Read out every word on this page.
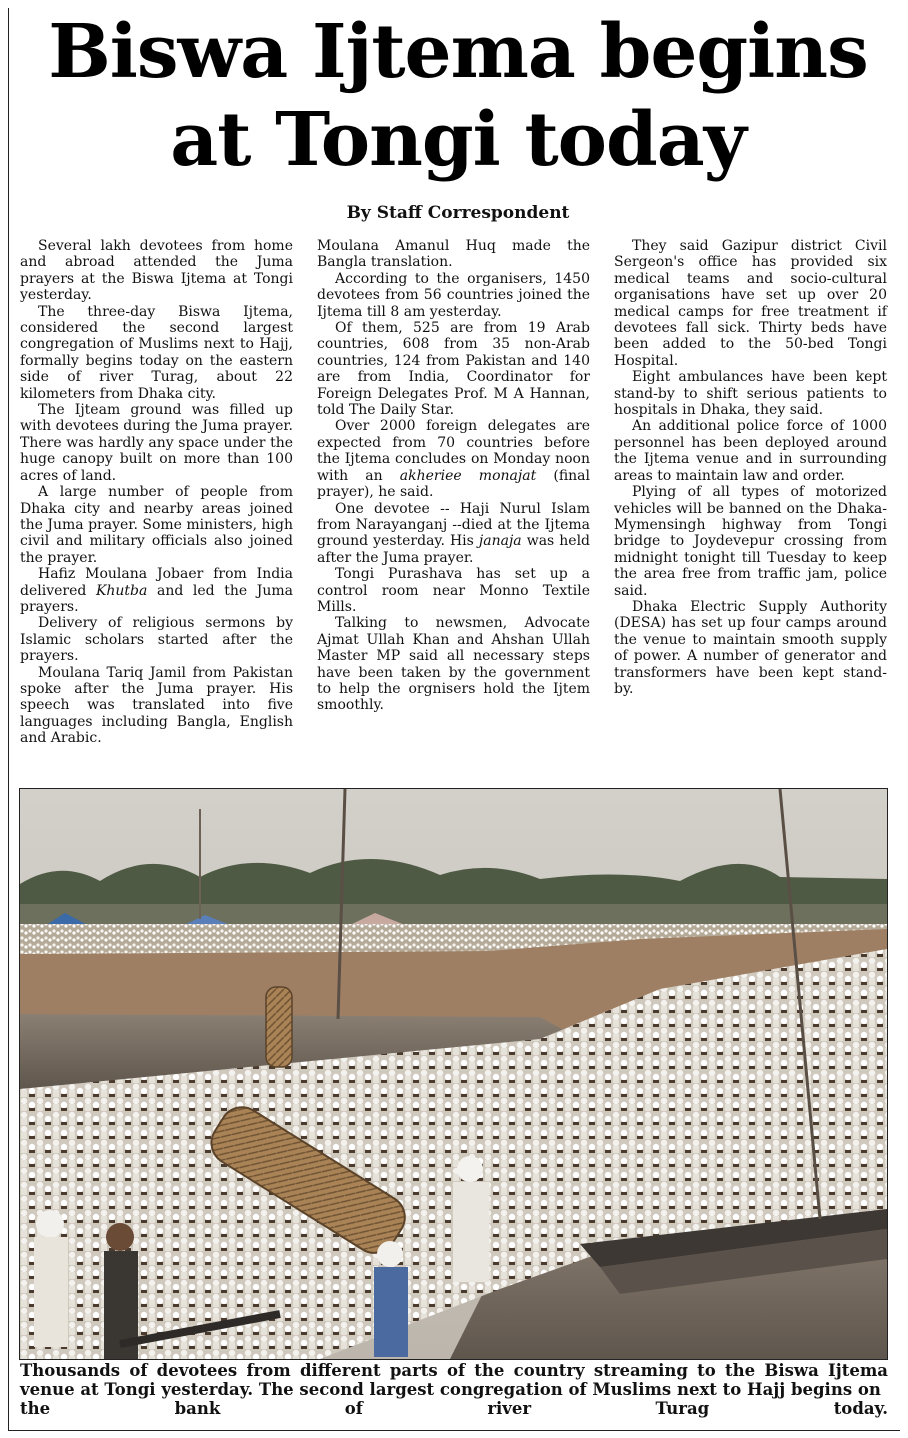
Biswa Ijtema begins
at Tongi today
By Staff Correspondent

Several lakh devotees from home and abroad attended the Juma prayers at the Biswa Ijtema at Tongi yesterday.

The three-day Biswa Ijtema, considered the second largest congregation of Muslims next to Hajj, formally begins today on the eastern side of river Turag, about 22 kilometers from Dhaka city.

The Ijteam ground was filled up with devotees during the Juma prayer. There was hardly any space under the huge canopy built on more than 100 acres of land.

A large number of people from Dhaka city and nearby areas joined the Juma prayer. Some ministers, high civil and military officials also joined the prayer.

Hafiz Moulana Jobaer from India delivered Khutba and led the Juma prayers.

Delivery of religious sermons by Islamic scholars started after the prayers.

Moulana Tariq Jamil from Pakistan spoke after the Juma prayer. His speech was translated into five languages including Bangla, English and Arabic.

Moulana Amanul Huq made the Bangla translation.

According to the organisers, 1450 devotees from 56 countries joined the Ijtema till 8 am yesterday.

Of them, 525 are from 19 Arab countries, 608 from 35 non-Arab countries, 124 from Pakistan and 140 are from India, Coordinator for Foreign Delegates Prof. M A Hannan, told The Daily Star.

Over 2000 foreign delegates are expected from 70 countries before the Ijtema concludes on Monday noon with an akheriee monajat (final prayer), he said.

One devotee -- Haji Nurul Islam from Narayanganj --died at the Ijtema ground yesterday. His janaja was held after the Juma prayer.

Tongi Purashava has set up a control room near Monno Textile Mills.

Talking to newsmen, Advocate Ajmat Ullah Khan and Ahshan Ullah Master MP said all necessary steps have been taken by the government to help the orgnisers hold the Ijtem smoothly.

They said Gazipur district Civil Sergeon's office has provided six medical teams and socio-cultural organisations have set up over 20 medical camps for free treatment if devotees fall sick. Thirty beds have been added to the 50-bed Tongi Hospital.

Eight ambulances have been kept stand-by to shift serious patients to hospitals in Dhaka, they said.

An additional police force of 1000 personnel has been deployed around the Ijtema venue and in surrounding areas to maintain law and order.

Plying of all types of motorized vehicles will be banned on the Dhaka- Mymensingh highway from Tongi bridge to Joydevepur crossing from midnight tonight till Tuesday to keep the area free from traffic jam, police said.

Dhaka Electric Supply Authority (DESA) has set up four camps around the venue to maintain smooth supply of power. A number of generator and transformers have been kept stand-by.

Thousands of devotees from different parts of the country streaming to the Biswa Ijtema venue at Tongi yesterday. The second largest congregation of Muslims next to Hajj begins on
the	bank	of	river	Turag	today.
